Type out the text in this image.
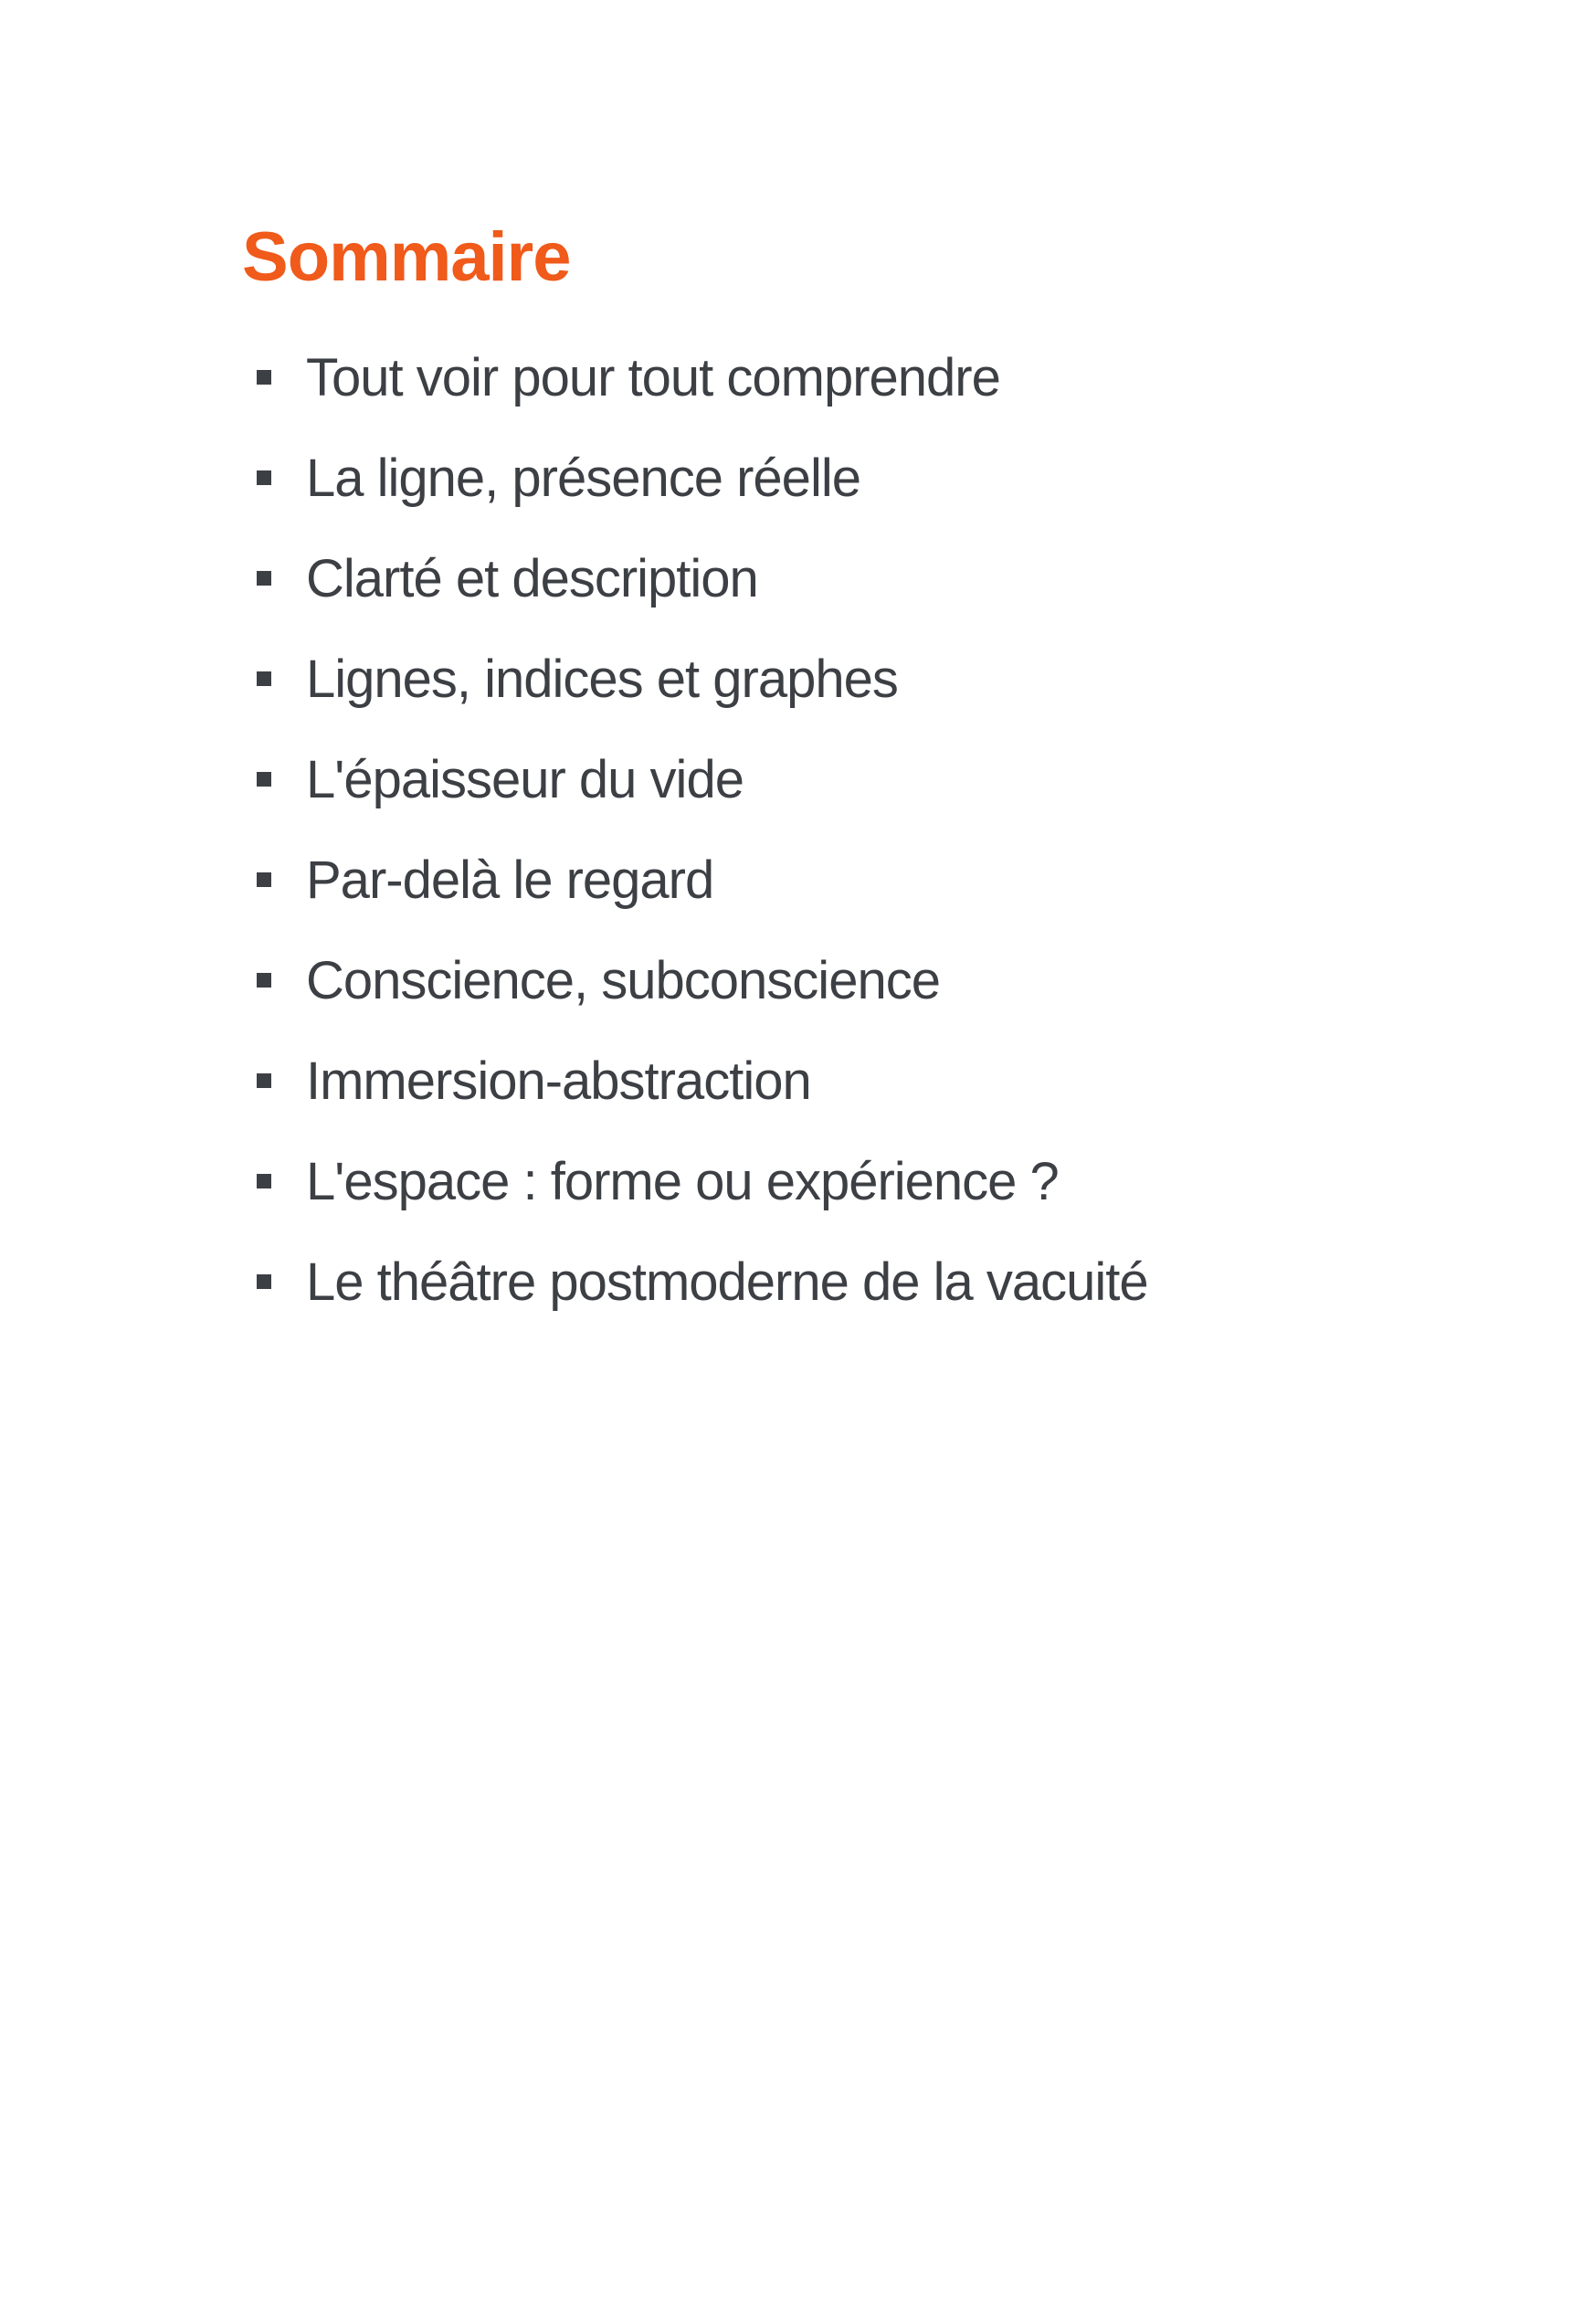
Sommaire
Tout voir pour tout comprendre
La ligne, présence réelle
Clarté et description
Lignes, indices et graphes
L'épaisseur du vide
Par-delà le regard
Conscience, subconscience
Immersion-abstraction
L'espace : forme ou expérience ?
Le théâtre postmoderne de la vacuité
